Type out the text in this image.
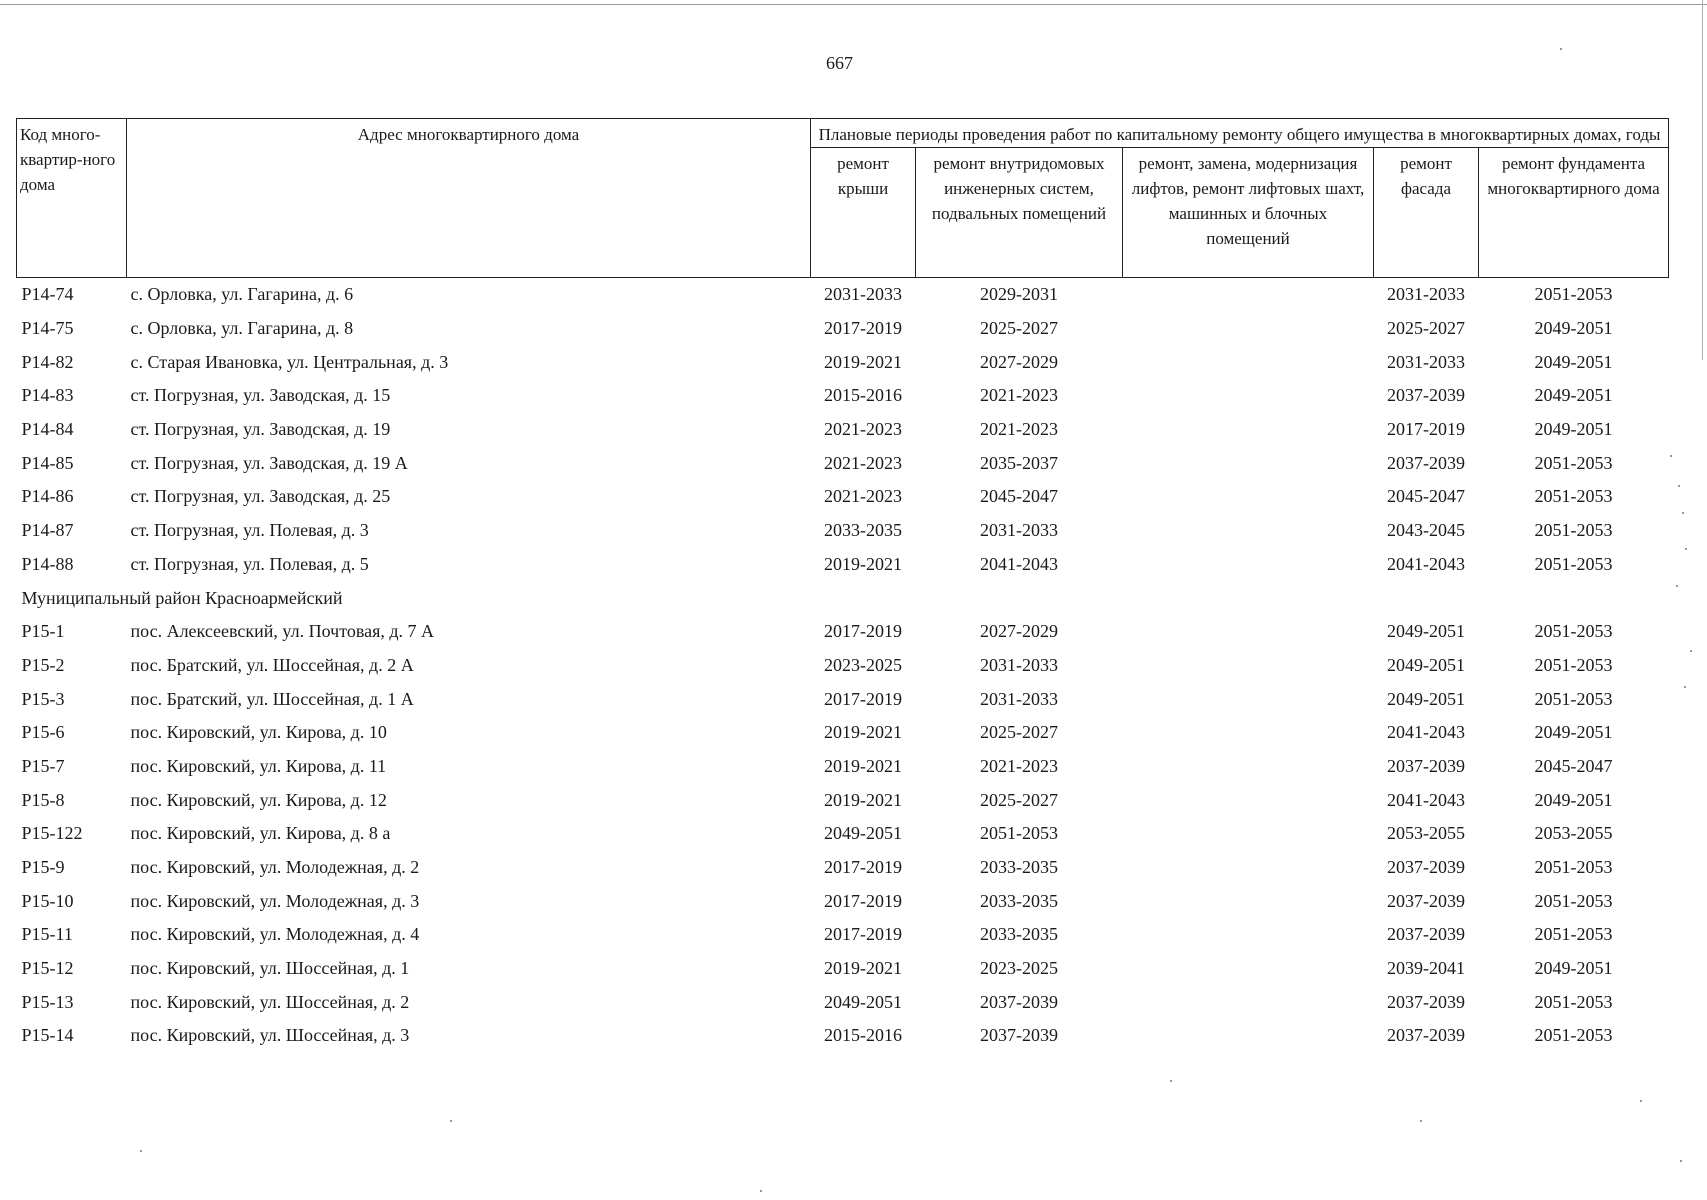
667
Код много-квартир-ного дома	Адрес многоквартирного дома	Плановые периоды проведения работ по капитальному ремонту общего имущества в многоквартирных домах, годы				
		ремонт крыши	ремонт внутридомовых инженерных систем, подвальных помещений	ремонт, замена, модернизация лифтов, ремонт лифтовых шахт, машинных и блочных помещений	ремонт фасада	ремонт фундамента многоквартирного дома
P14-74	с. Орловка, ул. Гагарина, д. 6	2031-2033	2029-2031		2031-2033	2051-2053
P14-75	с. Орловка, ул. Гагарина, д. 8	2017-2019	2025-2027		2025-2027	2049-2051
P14-82	с. Старая Ивановка, ул. Центральная, д. 3	2019-2021	2027-2029		2031-2033	2049-2051
P14-83	ст. Погрузная, ул. Заводская, д. 15	2015-2016	2021-2023		2037-2039	2049-2051
P14-84	ст. Погрузная, ул. Заводская, д. 19	2021-2023	2021-2023		2017-2019	2049-2051
P14-85	ст. Погрузная, ул. Заводская, д. 19 А	2021-2023	2035-2037		2037-2039	2051-2053
P14-86	ст. Погрузная, ул. Заводская, д. 25	2021-2023	2045-2047		2045-2047	2051-2053
P14-87	ст. Погрузная, ул. Полевая, д. 3	2033-2035	2031-2033		2043-2045	2051-2053
P14-88	ст. Погрузная, ул. Полевая, д. 5	2019-2021	2041-2043		2041-2043	2051-2053
Муниципальный район Красноармейский						
P15-1	пос. Алексеевский, ул. Почтовая, д. 7 А	2017-2019	2027-2029		2049-2051	2051-2053
P15-2	пос. Братский, ул. Шоссейная, д. 2 А	2023-2025	2031-2033		2049-2051	2051-2053
P15-3	пос. Братский, ул. Шоссейная, д. 1 А	2017-2019	2031-2033		2049-2051	2051-2053
P15-6	пос. Кировский, ул. Кирова, д. 10	2019-2021	2025-2027		2041-2043	2049-2051
P15-7	пос. Кировский, ул. Кирова, д. 11	2019-2021	2021-2023		2037-2039	2045-2047
P15-8	пос. Кировский, ул. Кирова, д. 12	2019-2021	2025-2027		2041-2043	2049-2051
P15-122	пос. Кировский, ул. Кирова, д. 8 а	2049-2051	2051-2053		2053-2055	2053-2055
P15-9	пос. Кировский, ул. Молодежная, д. 2	2017-2019	2033-2035		2037-2039	2051-2053
P15-10	пос. Кировский, ул. Молодежная, д. 3	2017-2019	2033-2035		2037-2039	2051-2053
P15-11	пос. Кировский, ул. Молодежная, д. 4	2017-2019	2033-2035		2037-2039	2051-2053
P15-12	пос. Кировский, ул. Шоссейная, д. 1	2019-2021	2023-2025		2039-2041	2049-2051
P15-13	пос. Кировский, ул. Шоссейная, д. 2	2049-2051	2037-2039		2037-2039	2051-2053
P15-14	пос. Кировский, ул. Шоссейная, д. 3	2015-2016	2037-2039		2037-2039	2051-2053
